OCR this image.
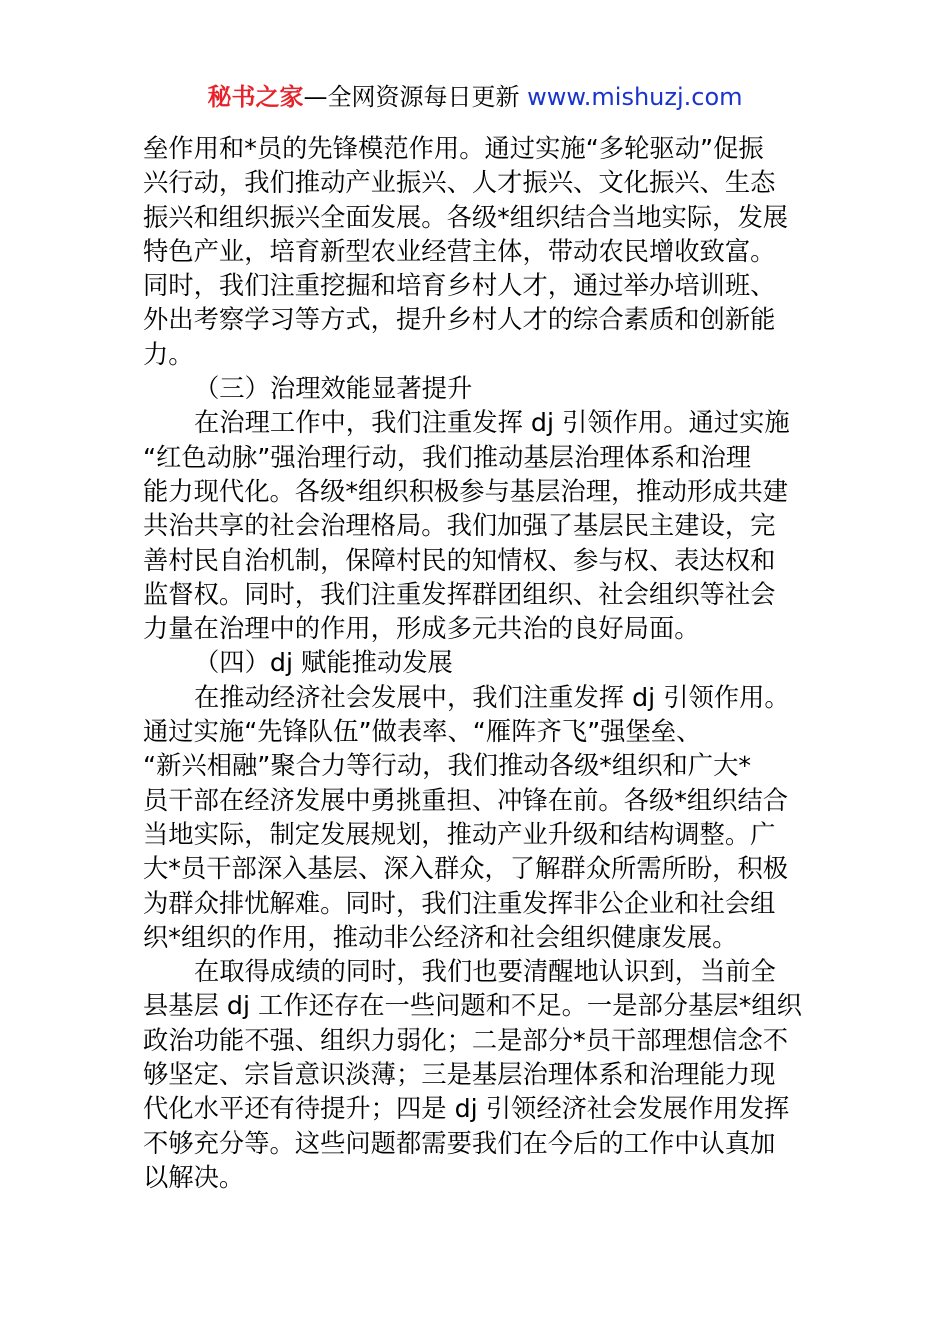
秘书之家—全网资源每日更新 www.mishuzj.com
垒作用和*员的先锋模范作用。通过实施“多轮驱动”促振
兴行动，我们推动产业振兴、人才振兴、文化振兴、生态
振兴和组织振兴全面发展。各级*组织结合当地实际，发展
特色产业，培育新型农业经营主体，带动农民增收致富。
同时，我们注重挖掘和培育乡村人才，通过举办培训班、
外出考察学习等方式，提升乡村人才的综合素质和创新能
力。
（三）治理效能显著提升
在治理工作中，我们注重发挥 dj 引领作用。通过实施
“红色动脉”强治理行动，我们推动基层治理体系和治理
能力现代化。各级*组织积极参与基层治理，推动形成共建
共治共享的社会治理格局。我们加强了基层民主建设，完
善村民自治机制，保障村民的知情权、参与权、表达权和
监督权。同时，我们注重发挥群团组织、社会组织等社会
力量在治理中的作用，形成多元共治的良好局面。
（四）dj 赋能推动发展
在推动经济社会发展中，我们注重发挥 dj 引领作用。
通过实施“先锋队伍”做表率、“雁阵齐飞”强堡垒、
“新兴相融”聚合力等行动，我们推动各级*组织和广大*
员干部在经济发展中勇挑重担、冲锋在前。各级*组织结合
当地实际，制定发展规划，推动产业升级和结构调整。广
大*员干部深入基层、深入群众，了解群众所需所盼，积极
为群众排忧解难。同时，我们注重发挥非公企业和社会组
织*组织的作用，推动非公经济和社会组织健康发展。
在取得成绩的同时，我们也要清醒地认识到，当前全
县基层 dj 工作还存在一些问题和不足。一是部分基层*组织
政治功能不强、组织力弱化；二是部分*员干部理想信念不
够坚定、宗旨意识淡薄；三是基层治理体系和治理能力现
代化水平还有待提升；四是 dj 引领经济社会发展作用发挥
不够充分等。这些问题都需要我们在今后的工作中认真加
以解决。
